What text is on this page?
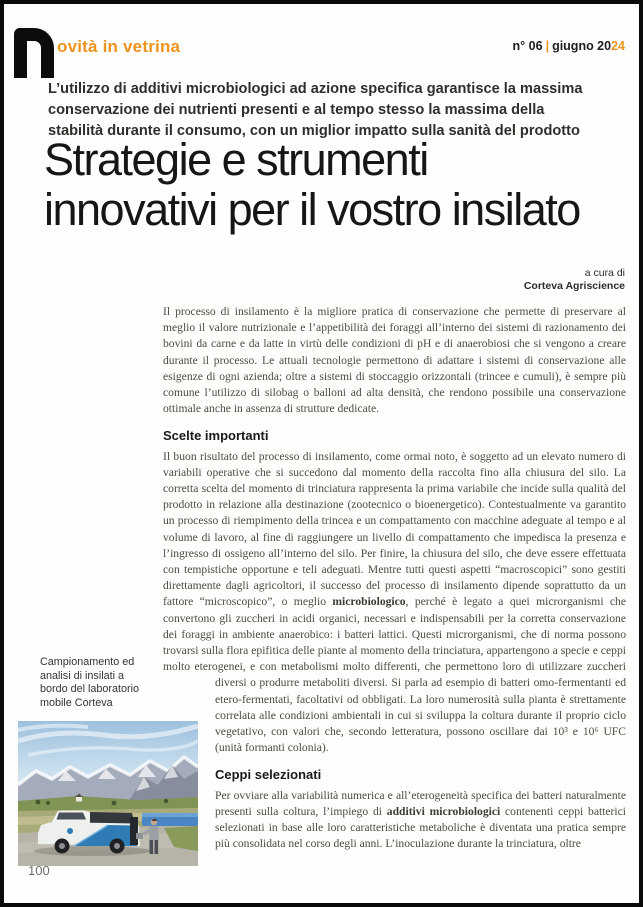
ovità in vetrina	n° 06 | giugno 2024
L’utilizzo di additivi microbiologici ad azione specifica garantisce la massima conservazione dei nutrienti presenti e al tempo stesso la massima della stabilità durante il consumo, con un miglior impatto sulla sanità del prodotto
Strategie e strumenti innovativi per il vostro insilato
a cura di
Corteva Agriscience

Il processo di insilamento è la migliore pratica di conservazione che permette di preservare al meglio il valore nutrizionale e l’appetibilità dei foraggi all’interno dei sistemi di razionamento dei bovini da carne e da latte in virtù delle condizioni di pH e di anaerobiosi che si vengono a creare durante il processo. Le attuali tecnologie permettono di adattare i sistemi di conservazione alle esigenze di ogni azienda; oltre a sistemi di stoccaggio orizzontali (trincee e cumuli), è sempre più comune l’utilizzo di silobag o balloni ad alta densità, che rendono possibile una conservazione ottimale anche in assenza di strutture dedicate.

Scelte importanti

Il buon risultato del processo di insilamento, come ormai noto, è soggetto ad un elevato numero di variabili operative che si succedono dal momento della raccolta fino alla chiusura del silo. La corretta scelta del momento di trinciatura rappresenta la prima variabile che incide sulla qualità del prodotto in relazione alla destinazione (zootecnico o bioenergetico). Contestualmente va garantito un processo di riempimento della trincea e un compattamento con macchine adeguate al tempo e al volume di lavoro, al fine di raggiungere un livello di compattamento che impedisca la presenza e l’ingresso di ossigeno all’interno del silo. Per finire, la chiusura del silo, che deve essere effettuata con tempistiche opportune e teli adeguati. Mentre tutti questi aspetti “macroscopici” sono gestiti direttamente dagli agricoltori, il successo del processo di insilamento dipende soprattutto da un fattore “microscopico”, o meglio microbiologico, perché è legato a quei microrganismi che convertono gli zuccheri in acidi organici, necessari e indispensabili per la corretta conservazione dei foraggi in ambiente anaerobico: i batteri lattici. Questi microrganismi, che di norma possono trovarsi sulla flora epifitica delle piante al momento della trinciatura, appartengono a specie e ceppi molto eterogenei, e con metabolismi molto differenti, che permettono loro di utilizzare zuccheri diversi o produrre metaboliti
diversi. Si parla ad esempio di batteri omo-fermentanti ed etero-fermentati, facoltativi od obbligati. La loro numerosità sulla pianta è strettamente correlata alle condizioni ambientali in cui si sviluppa la coltura durante il proprio ciclo vegetativo, con valori che, secondo letteratura, possono oscillare dai 10³ e 10⁶ UFC (unità formanti colonia).

Ceppi selezionati

Per ovviare alla variabilità numerica e all’eterogeneità specifica dei batteri naturalmente presenti sulla coltura, l’impiego di additivi microbiologici contenenti ceppi batterici selezionati in base alle loro caratteristiche metaboliche è diventata una pratica sempre più consolidata nel corso degli anni. L’inoculazione durante la trinciatura, oltre

Campionamento ed analisi di insilati a bordo del laboratorio mobile Corteva
100
